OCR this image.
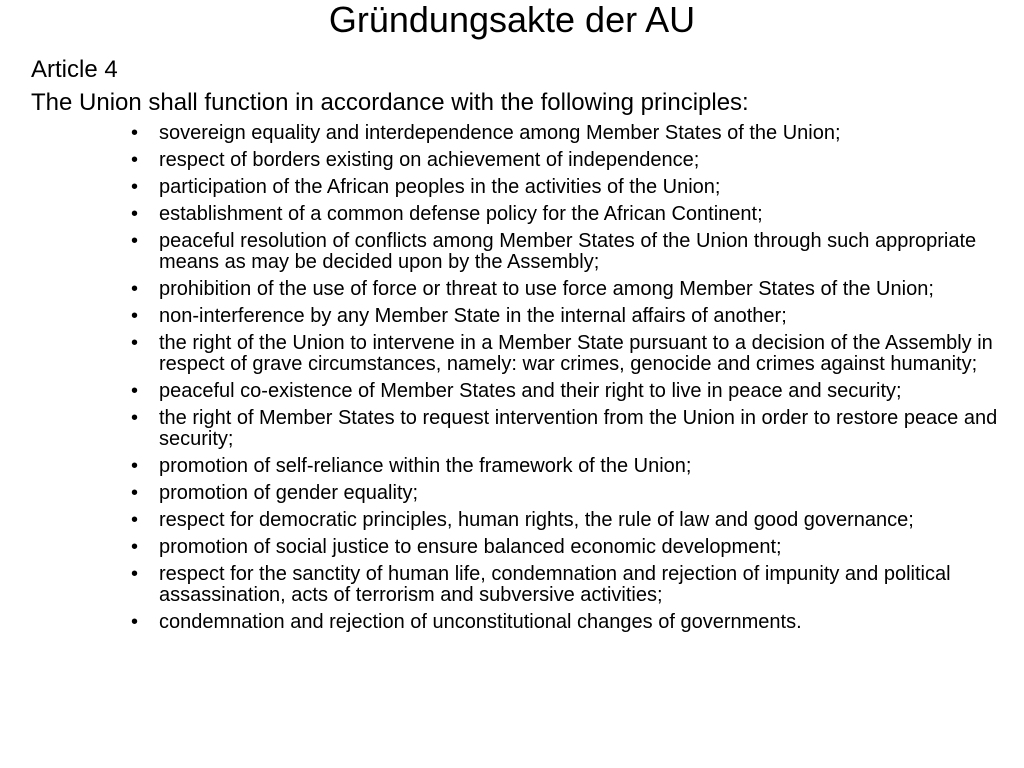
Gründungsakte der AU

Article 4

The Union shall function in accordance with the following principles:

• sovereign equality and interdependence among Member States of the Union;
• respect of borders existing on achievement of independence;
• participation of the African peoples in the activities of the Union;
• establishment of a common defense policy for the African Continent;
• peaceful resolution of conflicts among Member States of the Union through such appropriate means as may be decided upon by the Assembly;
• prohibition of the use of force or threat to use force among Member States of the Union;
• non-interference by any Member State in the internal affairs of another;
• the right of the Union to intervene in a Member State pursuant to a decision of the Assembly in respect of grave circumstances, namely: war crimes, genocide and crimes against humanity;
• peaceful co-existence of Member States and their right to live in peace and security;
• the right of Member States to request intervention from the Union in order to restore peace and security;
• promotion of self-reliance within the framework of the Union;
• promotion of gender equality;
• respect for democratic principles, human rights, the rule of law and good governance;
• promotion of social justice to ensure balanced economic development;
• respect for the sanctity of human life, condemnation and rejection of impunity and political assassination, acts of terrorism and subversive activities;
• condemnation and rejection of unconstitutional changes of governments.
